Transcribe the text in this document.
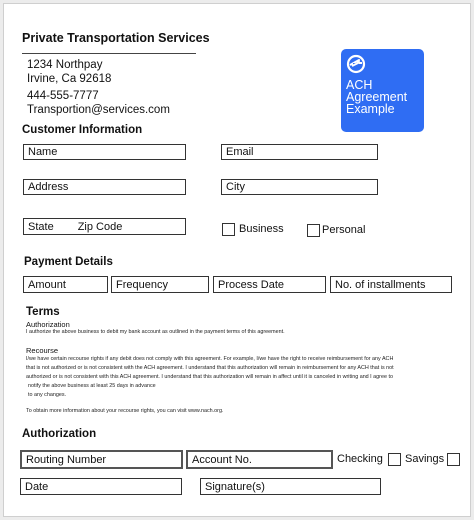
Private Transportation Services
1234 Northpay
Irvine, Ca 92618
444-555-7777
Transportion@services.com
ACH
Agreement
Example
Customer Information
Name	Email
Address	City
State Zip Code	Business	Personal
Payment Details
Amount	Frequency	Process Date	No. of installments
Terms
Authorization
I authorize the above business to debit my bank account as outlined in the payment terms of this agreement.
Recourse
I/we have certain recourse rights if any debit does not comply with this agreement. For example, I/we have the right to receive reimbursement for any ACH
that is not authorized or is not consistent with the ACH agreement. I understand that this authorization will remain in reimbursement for any ACH that is not
authorized or is not consistent with this ACH agreement. I understand that this authorization will remain in affect until it is canceled in writing and I agree to
notify the above business at least 25 days in advance
to any changes.
To obtain more information about your recourse rights, you can visit www.nach.org.
Authorization
Routing Number	Account No.	Checking Savings
Date	Signature(s)
